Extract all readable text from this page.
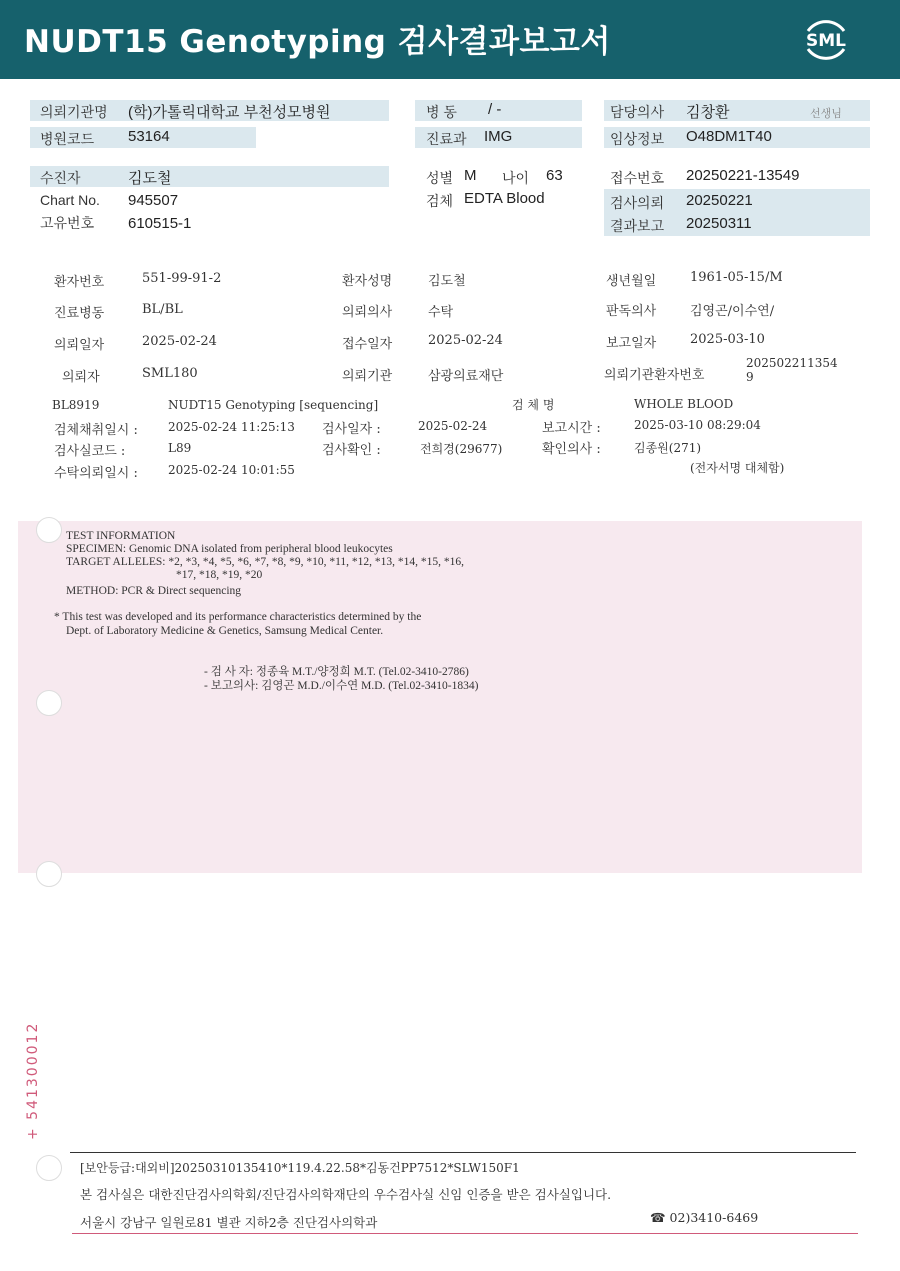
NUDT15 Genotyping 검사결과보고서	SML
의뢰기관명 (학)가톨릭대학교 부천성모병원
병원코드 53164
병 동 / -
진료과 IMG
담당의사 김창환	선생님
임상정보 O48DM1T40
수진자	김도철
Chart No. 945507
고유번호 610515-1
성별 M 나이 63
검체 EDTA Blood
접수번호 20250221-13549
검사의뢰 20250221
결과보고 20250311
환자번호	551-99-91-2	환자성명	김도철	생년월일	1961-05-15/M
진료병동	BL/BL	의뢰의사	수탁	판독의사	김영곤/이수연/
의뢰일자	2025-02-24	접수일자	2025-02-24	보고일자	2025-03-10
의뢰자	SML180	의뢰기관	삼광의료재단	의뢰기관환자번호
202502211354
9
BL8919	NUDT15 Genotyping [sequencing]	검 체 명	WHOLE BLOOD
검체채취일시 :	2025-02-24 11:25:13 검사일자 :	2025-02-24	보고시간 :	2025-03-10 08:29:04
검사실코드 :	L89	검사확인 :	전희경(29677)	확인의사 :	김종원(271)
수탁의뢰일시 :	2025-02-24 10:01:55	(전자서명 대체함)
TEST INFORMATION
SPECIMEN: Genomic DNA isolated from peripheral blood leukocytes
TARGET ALLELES: *2, *3, *4, *5, *6, *7, *8, *9, *10, *11, *12, *13, *14, *15, *16,
*17, *18, *19, *20
METHOD: PCR & Direct sequencing
* This test was developed and its performance characteristics determined by the
Dept. of Laboratory Medicine & Genetics, Samsung Medical Center.
- 검 사 자: 정종육 M.T./양정희 M.T. (Tel.02-3410-2786)
- 보고의사: 김영곤 M.D./이수연 M.D. (Tel.02-3410-1834)
+ 541300012
[보안등급:대외비]20250310135410*119.4.22.58*김동건PP7512*SLW150F1
본 검사실은 대한진단검사의학회/진단검사의학재단의 우수검사실 신임 인증을 받은 검사실입니다.
서울시 강남구 일원로81 별관 지하2층 진단검사의학과	☎ 02)3410-6469
